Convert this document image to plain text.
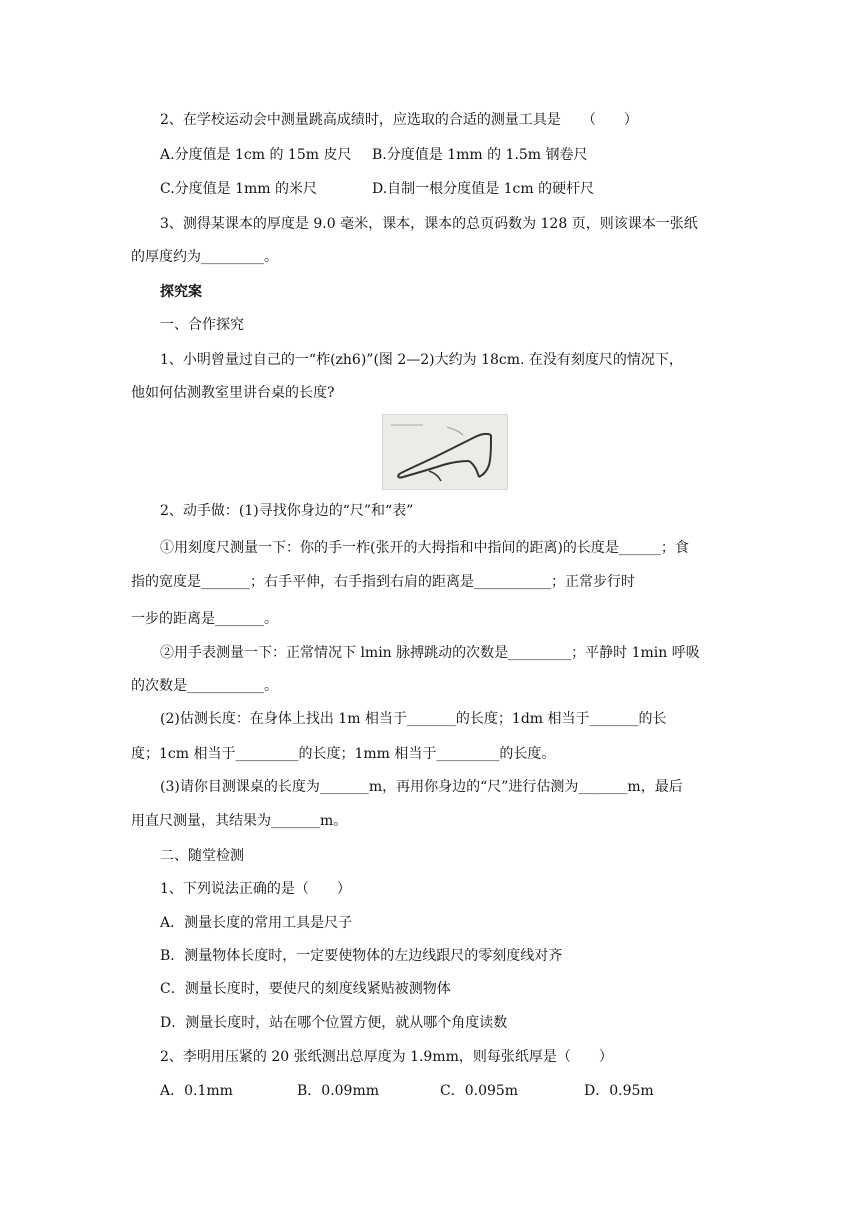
2、在学校运动会中测量跳高成绩时，应选取的合适的测量工具是　　（　　）
A.分度值是 1cm 的 15m 皮尺 B.分度值是 1mm 的 1.5m 钢卷尺
C.分度值是 1mm 的米尺	D.自制一根分度值是 1cm 的硬杆尺
3、测得某课本的厚度是 9.0 毫米，课本，课本的总页码数为 128 页，则该课本一张纸
的厚度约为_________。
探究案
一、合作探究
1、小明曾量过自己的一“柞(zh6)”(图 2—2)大约为 18cm. 在没有刻度尺的情况下，
他如何估测教室里讲台桌的长度?
2、动手做：(1)寻找你身边的“尺”和“表”
①用刻度尺测量一下：你的手一柞(张开的大拇指和中指间的距离)的长度是______；食
指的宽度是_______；右手平伸，右手指到右肩的距离是___________；正常步行时
一步的距离是_______。
②用手表测量一下：正常情况下 lmin 脉搏跳动的次数是_________；平静时 1min 呼吸
的次数是___________。
(2)估测长度：在身体上找出 1m 相当于_______的长度；1dm 相当于_______的长
度；1cm 相当于_________的长度；1mm 相当于_________的长度。
(3)请你目测课桌的长度为_______m，再用你身边的“尺”进行估测为_______m，最后
用直尺测量，其结果为_______m。
二、随堂检测
1、下列说法正确的是（　　）
A．测量长度的常用工具是尺子
B．测量物体长度时，一定要使物体的左边线跟尺的零刻度线对齐
C．测量长度时，要使尺的刻度线紧贴被测物体
D．测量长度时，站在哪个位置方便，就从哪个角度读数
2、李明用压紧的 20 张纸测出总厚度为 1.9mm，则每张纸厚是（　　）
A．0.1mm	B．0.09mm	C．0.095m	D．0.95m
